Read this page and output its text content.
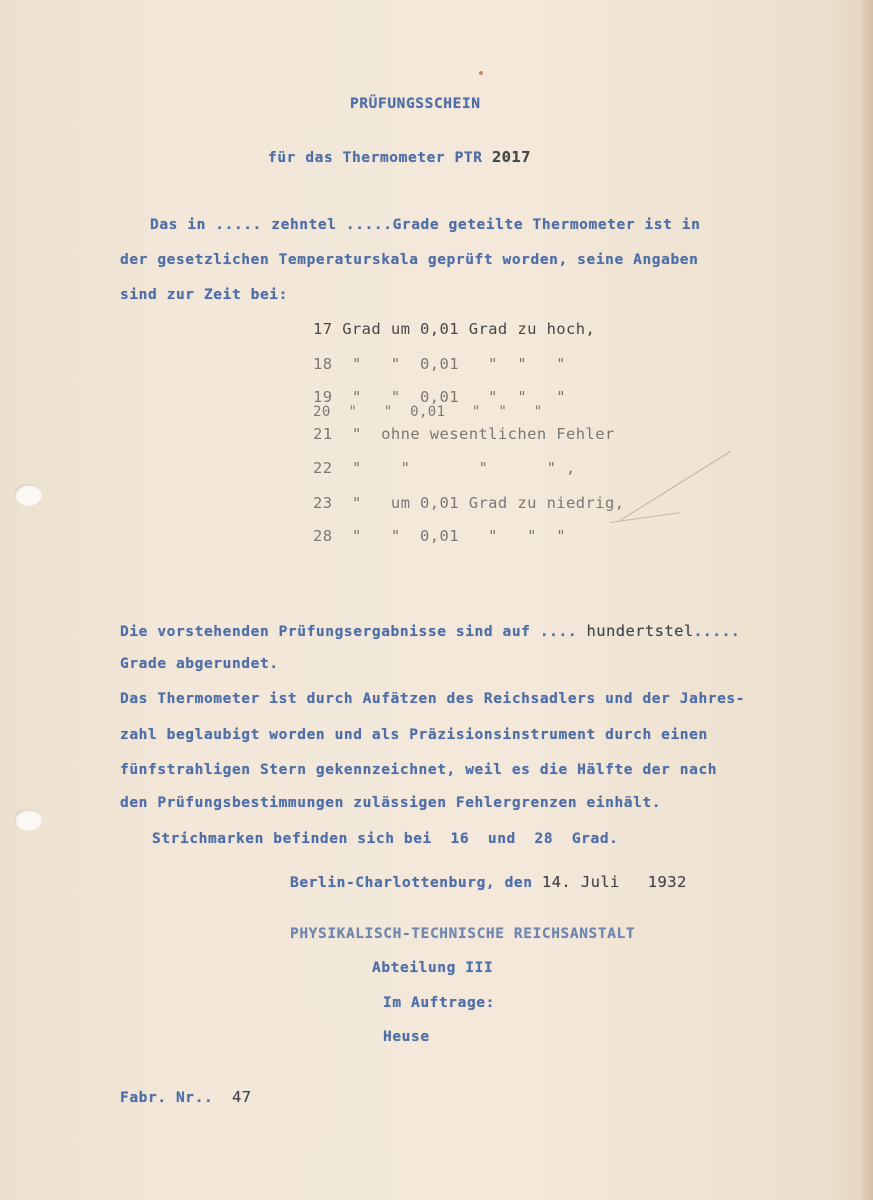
PRÜFUNGSSCHEIN
für das Thermometer PTR 2017
Das in ..... zehntel .....Grade geteilte Thermometer ist in
der gesetzlichen Temperaturskala geprüft worden, seine Angaben
sind zur Zeit bei:
17 Grad um 0,01 Grad zu hoch,
18 "   "  0,01   "  "   "
19 "   "  0,01   "  "   "
20 "   "  0,01   "  "   "
21 "  ohne wesentlichen Fehler
22 "    "       "      " ,
23 "   um 0,01 Grad zu niedrig,
28 "   "  0,01   "   "  "
Die vorstehenden Prüfungsergabnisse sind auf .... hundertstel.....
Grade abgerundet.
Das Thermometer ist durch Aufätzen des Reichsadlers und der Jahres-
zahl beglaubigt worden und als Präzisionsinstrument durch einen
fünfstrahligen Stern gekennzeichnet, weil es die Hälfte der nach
den Prüfungsbestimmungen zulässigen Fehlergrenzen einhält.
Strichmarken befinden sich bei  16  und  28  Grad.
Berlin-Charlottenburg, den 14. Juli 1932
PHYSIKALISCH-TECHNISCHE REICHSANSTALT
Abteilung III
Im Auftrage:
Heuse
Fabr. Nr.. 47
